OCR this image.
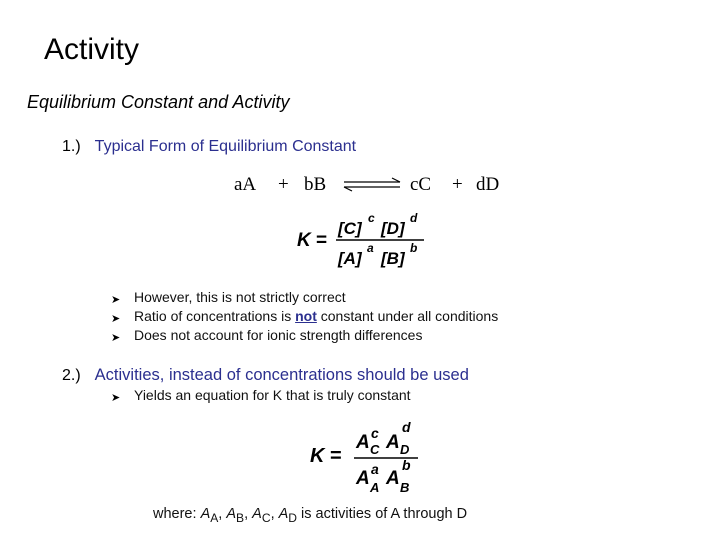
Activity
Equilibrium Constant and Activity
1.) Typical Form of Equilibrium Constant
aA + bB	cC + dD
K =
[C]
c
[D]
d
[A]
a
[B]
b
➤ However, this is not strictly correct
➤ Ratio of concentrations is not constant under all conditions
➤ Does not account for ionic strength differences
2.) Activities, instead of concentrations should be used
➤ Yields an equation for K that is truly constant
K =
A C
c A D
d
A A
a A B
b
where: $A_A$, $A_B$, $A_C$, $A_D$ is activities of A through D
